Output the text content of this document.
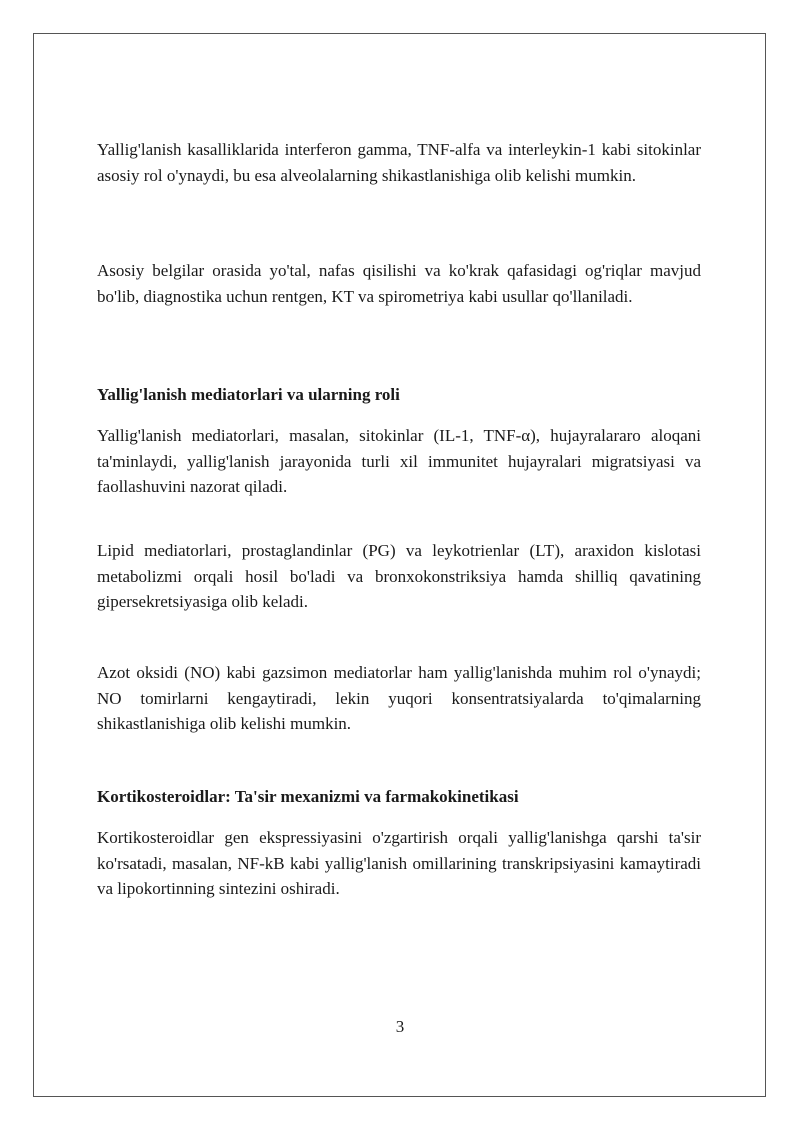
Yallig'lanish kasalliklarida interferon gamma, TNF-alfa va interleykin-1 kabi sitokinlar asosiy rol o'ynaydi, bu esa alveolalarning shikastlanishiga olib kelishi mumkin.

Asosiy belgilar orasida yo'tal, nafas qisilishi va ko'krak qafasidagi og'riqlar mavjud bo'lib, diagnostika uchun rentgen, KT va spirometriya kabi usullar qo'llaniladi.

Yallig'lanish mediatorlari va ularning roli

Yallig'lanish mediatorlari, masalan, sitokinlar (IL-1, TNF-α), hujayralararo aloqani ta'minlaydi, yallig'lanish jarayonida turli xil immunitet hujayralari migratsiyasi va faollashuvini nazorat qiladi.

Lipid mediatorlari, prostaglandinlar (PG) va leykotrienlar (LT), araxidon kislotasi metabolizmi orqali hosil bo'ladi va bronxokonstriksiya hamda shilliq qavatining gipersekretsiyasiga olib keladi.

Azot oksidi (NO) kabi gazsimon mediatorlar ham yallig'lanishda muhim rol o'ynaydi; NO tomirlarni kengaytiradi, lekin yuqori konsentratsiyalarda to'qimalarning shikastlanishiga olib kelishi mumkin.

Kortikosteroidlar: Ta'sir mexanizmi va farmakokinetikasi

Kortikosteroidlar gen ekspressiyasini o'zgartirish orqali yallig'lanishga qarshi ta'sir ko'rsatadi, masalan, NF-kB kabi yallig'lanish omillarining transkripsiyasini kamaytiradi va lipokortinning sintezini oshiradi.

3
